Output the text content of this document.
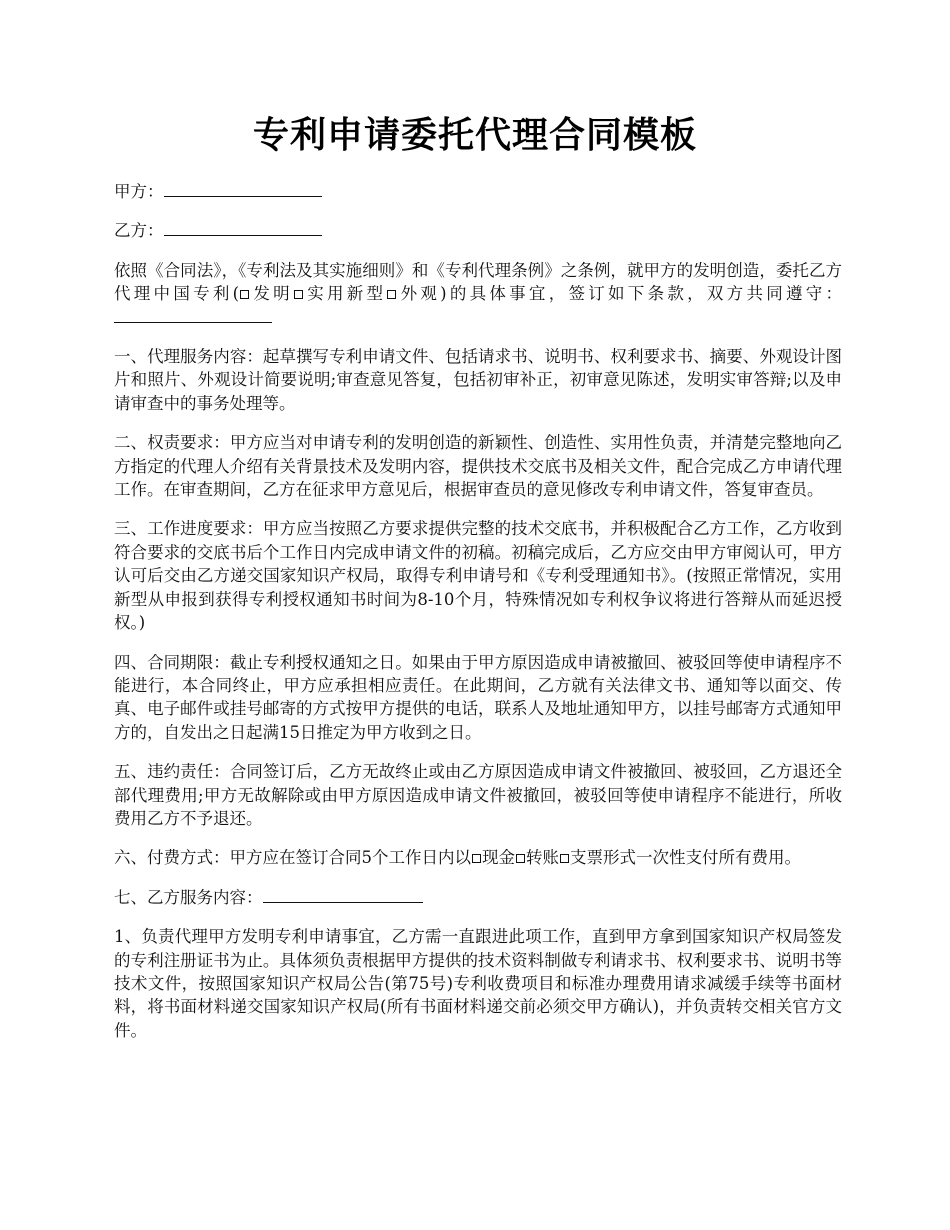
专利申请委托代理合同模板

甲方：

乙方：

依照《合同法》，《专利法及其实施细则》和《专利代理条例》之条例，就甲方的发明创造，委托乙方代理中国专利( 发明 实用新型 外观)的具体事宜，签订如下条款，双方共同遵守：

一、代理服务内容：起草撰写专利申请文件、包括请求书、说明书、权利要求书、摘要、外观设计图片和照片、外观设计简要说明;审查意见答复，包括初审补正，初审意见陈述，发明实审答辩;以及申请审查中的事务处理等。

二、权责要求：甲方应当对申请专利的发明创造的新颖性、创造性、实用性负责，并清楚完整地向乙方指定的代理人介绍有关背景技术及发明内容，提供技术交底书及相关文件，配合完成乙方申请代理工作。在审查期间，乙方在征求甲方意见后，根据审查员的意见修改专利申请文件，答复审查员。

三、工作进度要求：甲方应当按照乙方要求提供完整的技术交底书，并积极配合乙方工作，乙方收到符合要求的交底书后个工作日内完成申请文件的初稿。初稿完成后，乙方应交由甲方审阅认可，甲方认可后交由乙方递交国家知识产权局，取得专利申请号和《专利受理通知书》。(按照正常情况，实用新型从申报到获得专利授权通知书时间为8-10个月，特殊情况如专利权争议将进行答辩从而延迟授权。)

四、合同期限：截止专利授权通知之日。如果由于甲方原因造成申请被撤回、被驳回等使申请程序不能进行，本合同终止，甲方应承担相应责任。在此期间，乙方就有关法律文书、通知等以面交、传真、电子邮件或挂号邮寄的方式按甲方提供的电话，联系人及地址通知甲方，以挂号邮寄方式通知甲方的，自发出之日起满15日推定为甲方收到之日。

五、违约责任：合同签订后，乙方无故终止或由乙方原因造成申请文件被撤回、被驳回，乙方退还全部代理费用;甲方无故解除或由甲方原因造成申请文件被撤回，被驳回等使申请程序不能进行，所收费用乙方不予退还。

六、付费方式：甲方应在签订合同5个工作日内以 现金 转账 支票形式一次性支付所有费用。

七、乙方服务内容：

1、负责代理甲方发明专利申请事宜，乙方需一直跟进此项工作，直到甲方拿到国家知识产权局签发的专利注册证书为止。具体须负责根据甲方提供的技术资料制做专利请求书、权利要求书、说明书等技术文件，按照国家知识产权局公告(第75号)专利收费项目和标准办理费用请求减缓手续等书面材料，将书面材料递交国家知识产权局(所有书面材料递交前必须交甲方确认)，并负责转交相关官方文件。
